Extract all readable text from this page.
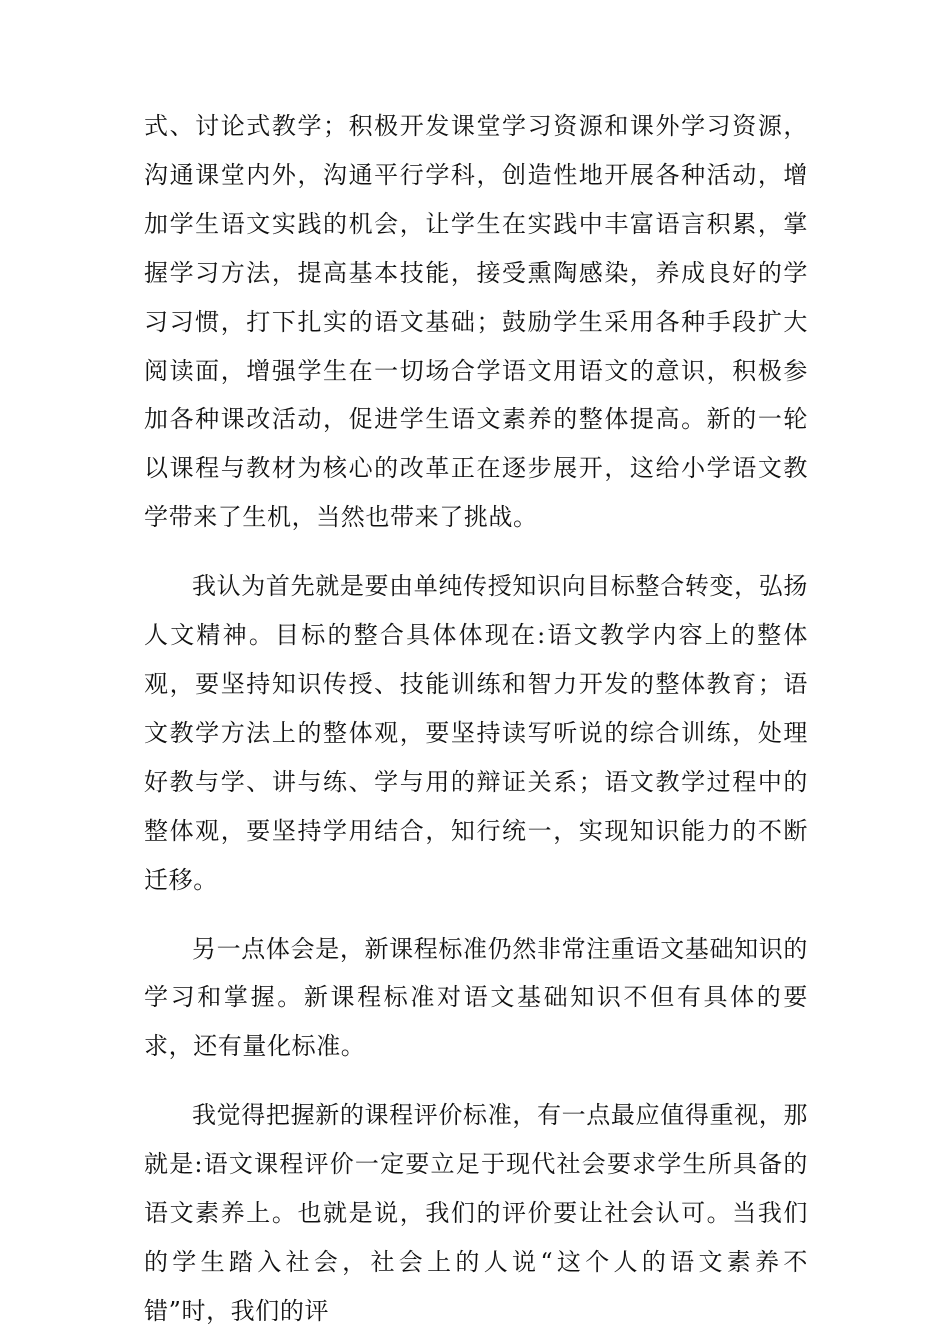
式、讨论式教学；积极开发课堂学习资源和课外学习资源，沟通课堂内外，沟通平行学科，创造性地开展各种活动，增加学生语文实践的机会，让学生在实践中丰富语言积累，掌握学习方法，提高基本技能，接受熏陶感染，养成良好的学习习惯，打下扎实的语文基础；鼓励学生采用各种手段扩大阅读面，增强学生在一切场合学语文用语文的意识，积极参加各种课改活动，促进学生语文素养的整体提高。新的一轮以课程与教材为核心的改革正在逐步展开，这给小学语文教学带来了生机，当然也带来了挑战。

我认为首先就是要由单纯传授知识向目标整合转变，弘扬人文精神。目标的整合具体体现在:语文教学内容上的整体观，要坚持知识传授、技能训练和智力开发的整体教育；语文教学方法上的整体观，要坚持读写听说的综合训练，处理好教与学、讲与练、学与用的辩证关系；语文教学过程中的整体观，要坚持学用结合，知行统一，实现知识能力的不断迁移。

另一点体会是，新课程标准仍然非常注重语文基础知识的学习和掌握。新课程标准对语文基础知识不但有具体的要求，还有量化标准。

我觉得把握新的课程评价标准，有一点最应值得重视，那就是:语文课程评价一定要立足于现代社会要求学生所具备的语文素养上。也就是说，我们的评价要让社会认可。当我们的学生踏入社会，社会上的人说“这个人的语文素养不错”时，我们的评
